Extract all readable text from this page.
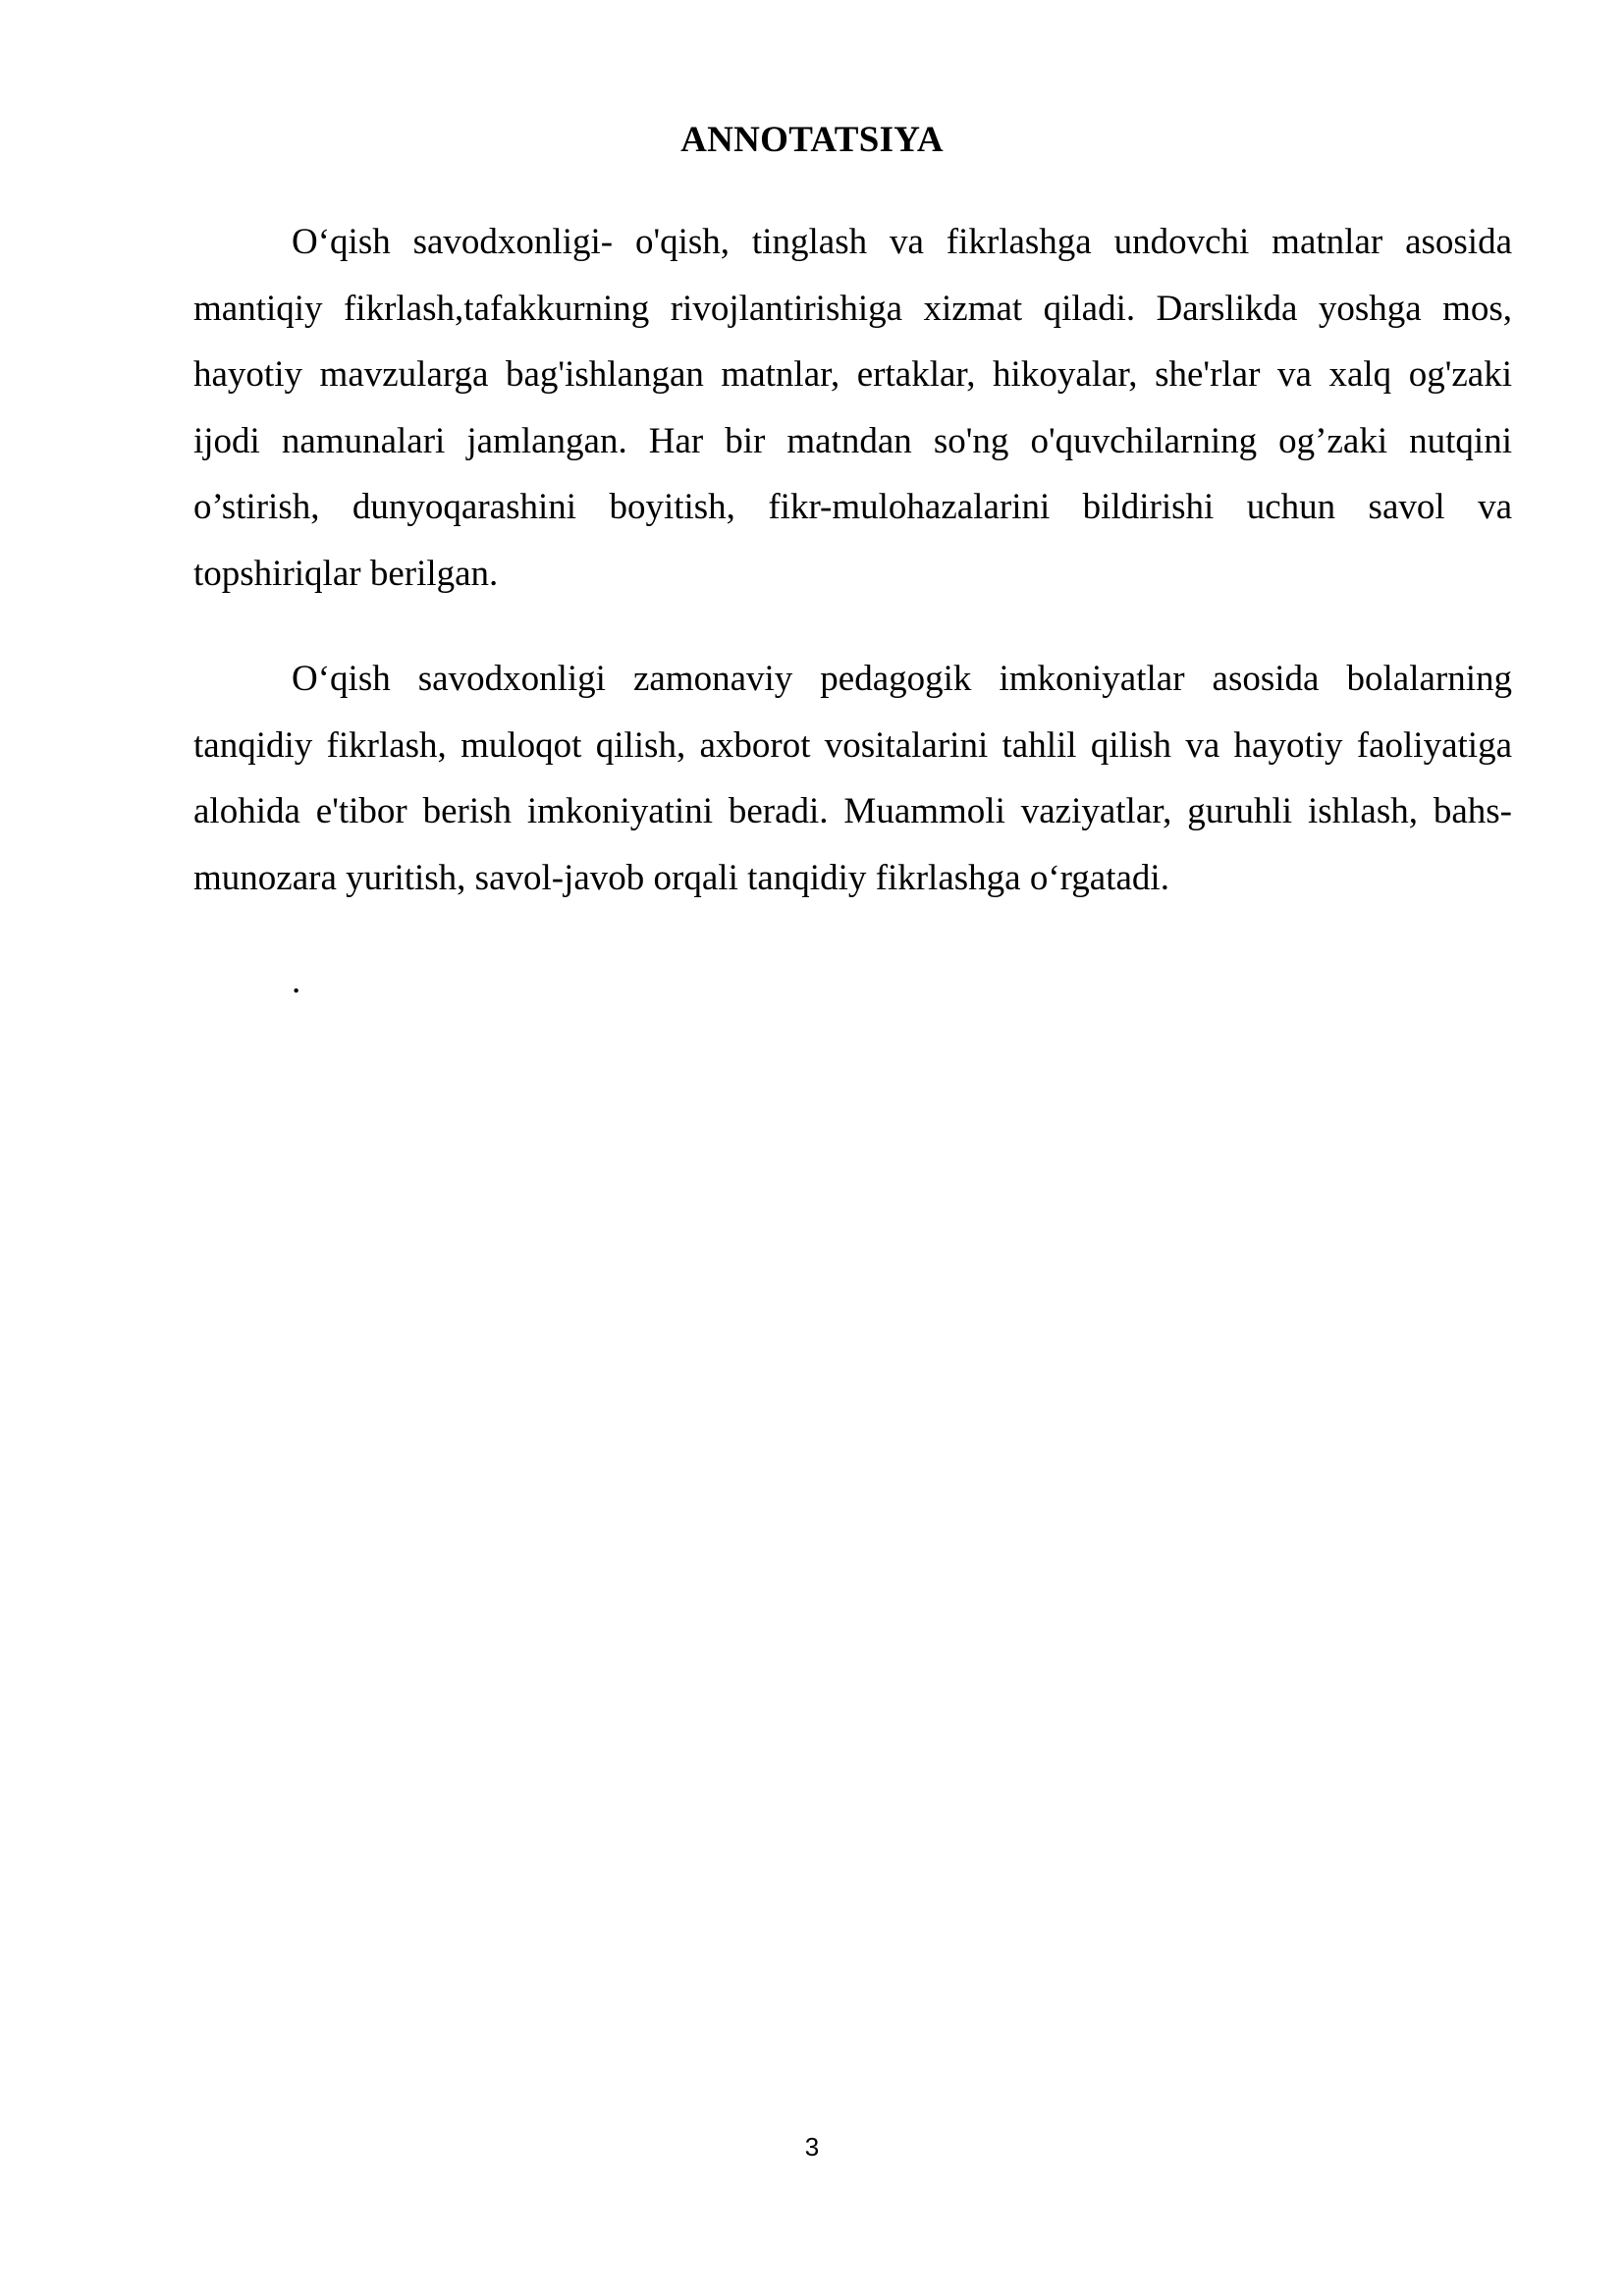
ANNOTATSIYA

O‘qish savodxonligi- o'qish, tinglash va fikrlashga undovchi matnlar asosida mantiqiy fikrlash,tafakkurning rivojlantirishiga xizmat qiladi. Darslikda yoshga mos, hayotiy mavzularga bag'ishlangan matnlar, ertaklar, hikoyalar, she'rlar va xalq og'zaki ijodi namunalari jamlangan. Har bir matndan so'ng o'quvchilarning og’zaki nutqini o’stirish, dunyoqarashini boyitish, fikr-mulohazalarini bildirishi uchun savol va topshiriqlar berilgan.

O‘qish savodxonligi zamonaviy pedagogik imkoniyatlar asosida bolalarning tanqidiy fikrlash, muloqot qilish, axborot vositalarini tahlil qilish va hayotiy faoliyatiga alohida e'tibor berish imkoniyatini beradi. Muammoli vaziyatlar, guruhli ishlash, bahs-munozara yuritish, savol-javob orqali tanqidiy fikrlashga o‘rgatadi.

.
3
